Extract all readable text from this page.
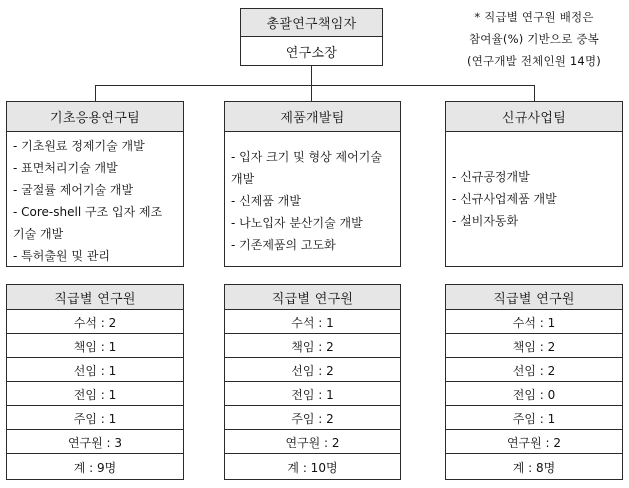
총괄연구책임자
연구소장
* 직급별 연구원 배정은
참여율(%) 기반으로 중복
(연구개발 전체인원 14명)
기초응용연구팀
- 기초원료 정제기술 개발
- 표면처리기술 개발
- 굴절률 제어기술 개발
- Core-shell 구조 입자 제조기술 개발
- 특허출원 및 관리
직급별 연구원
수석 : 2
책임 : 1
선임 : 1
전임 : 1
주임 : 1
연구원 : 3
계 : 9명
제품개발팀
- 입자 크기 및 형상 제어기술 개발
- 신제품 개발
- 나노입자 분산기술 개발
- 기존제품의 고도화
직급별 연구원
수석 : 1
책임 : 2
선임 : 2
전임 : 1
주임 : 2
연구원 : 2
계 : 10명
신규사업팀
- 신규공정개발
- 신규사업제품 개발
- 설비자동화
직급별 연구원
수석 : 1
책임 : 2
선임 : 2
전임 : 0
주임 : 1
연구원 : 2
계 : 8명
